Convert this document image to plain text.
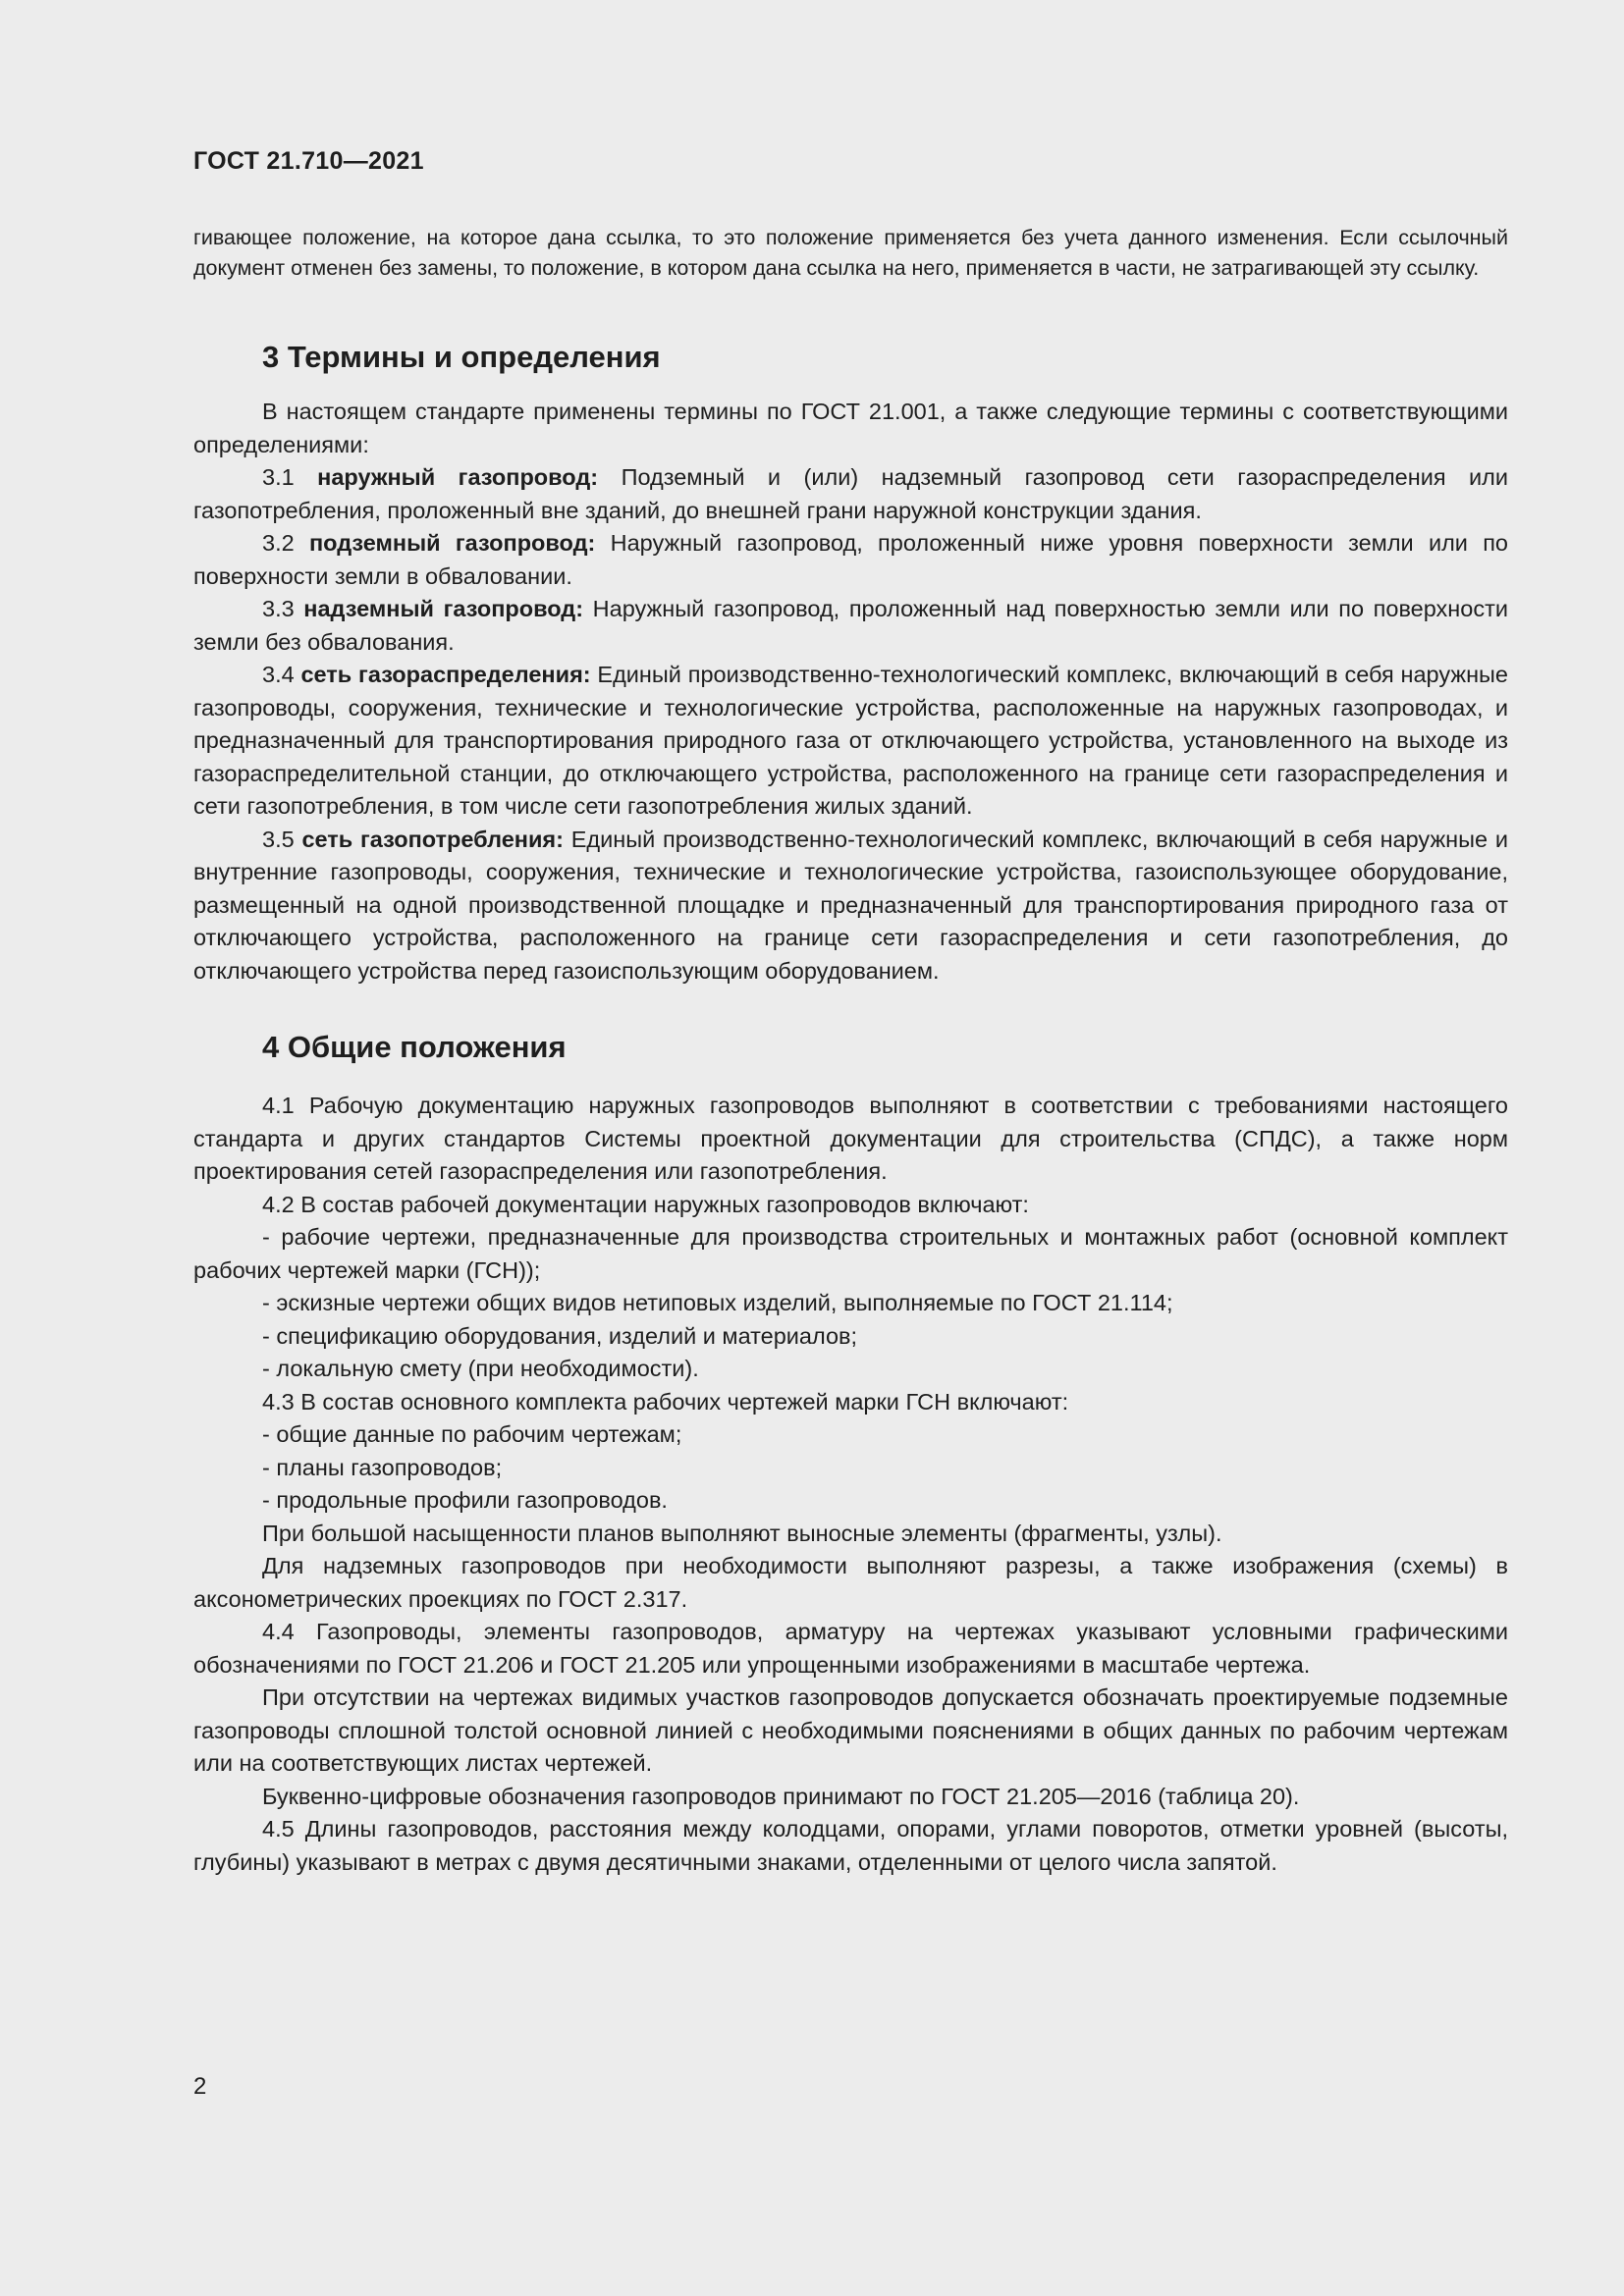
ГОСТ 21.710—2021

гивающее положение, на которое дана ссылка, то это положение применяется без учета данного изменения. Если ссылочный документ отменен без замены, то положение, в котором дана ссылка на него, применяется в части, не затрагивающей эту ссылку.

3 Термины и определения

В настоящем стандарте применены термины по ГОСТ 21.001, а также следующие термины с соответствующими определениями:

3.1 наружный газопровод: Подземный и (или) надземный газопровод сети газораспределения или газопотребления, проложенный вне зданий, до внешней грани наружной конструкции здания.

3.2 подземный газопровод: Наружный газопровод, проложенный ниже уровня поверхности земли или по поверхности земли в обваловании.

3.3 надземный газопровод: Наружный газопровод, проложенный над поверхностью земли или по поверхности земли без обвалования.

3.4 сеть газораспределения: Единый производственно-технологический комплекс, включающий в себя наружные газопроводы, сооружения, технические и технологические устройства, расположенные на наружных газопроводах, и предназначенный для транспортирования природного газа от отключающего устройства, установленного на выходе из газораспределительной станции, до отключающего устройства, расположенного на границе сети газораспределения и сети газопотребления, в том числе сети газопотребления жилых зданий.

3.5 сеть газопотребления: Единый производственно-технологический комплекс, включающий в себя наружные и внутренние газопроводы, сооружения, технические и технологические устройства, газоиспользующее оборудование, размещенный на одной производственной площадке и предназначенный для транспортирования природного газа от отключающего устройства, расположенного на границе сети газораспределения и сети газопотребления, до отключающего устройства перед газоиспользующим оборудованием.

4 Общие положения

4.1 Рабочую документацию наружных газопроводов выполняют в соответствии с требованиями настоящего стандарта и других стандартов Системы проектной документации для строительства (СПДС), а также норм проектирования сетей газораспределения или газопотребления.

4.2 В состав рабочей документации наружных газопроводов включают:

- рабочие чертежи, предназначенные для производства строительных и монтажных работ (основной комплект рабочих чертежей марки (ГСН));

- эскизные чертежи общих видов нетиповых изделий, выполняемые по ГОСТ 21.114;

- спецификацию оборудования, изделий и материалов;

- локальную смету (при необходимости).

4.3 В состав основного комплекта рабочих чертежей марки ГСН включают:

- общие данные по рабочим чертежам;

- планы газопроводов;

- продольные профили газопроводов.

При большой насыщенности планов выполняют выносные элементы (фрагменты, узлы).

Для надземных газопроводов при необходимости выполняют разрезы, а также изображения (схемы) в аксонометрических проекциях по ГОСТ 2.317.

4.4 Газопроводы, элементы газопроводов, арматуру на чертежах указывают условными графическими обозначениями по ГОСТ 21.206 и ГОСТ 21.205 или упрощенными изображениями в масштабе чертежа.

При отсутствии на чертежах видимых участков газопроводов допускается обозначать проектируемые подземные газопроводы сплошной толстой основной линией с необходимыми пояснениями в общих данных по рабочим чертежам или на соответствующих листах чертежей.

Буквенно-цифровые обозначения газопроводов принимают по ГОСТ 21.205—2016 (таблица 20).

4.5 Длины газопроводов, расстояния между колодцами, опорами, углами поворотов, отметки уровней (высоты, глубины) указывают в метрах с двумя десятичными знаками, отделенными от целого числа запятой.

2
